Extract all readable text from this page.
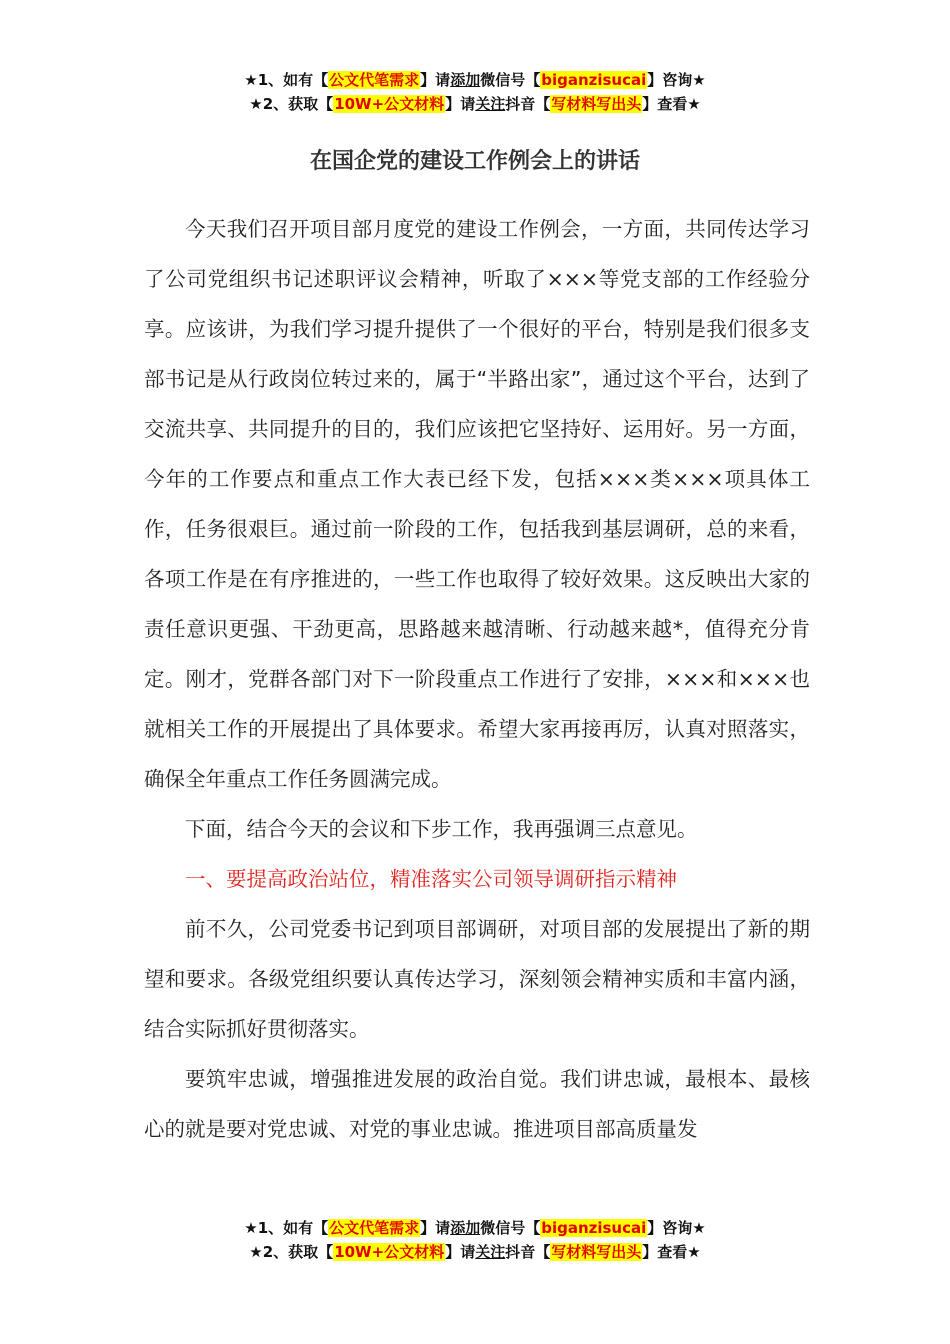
★1、如有【公文代笔需求】请添加微信号【biganzisucai】咨询★
★2、获取【10W+公文材料】请关注抖音【写材料写出头】查看★
在国企党的建设工作例会上的讲话

今天我们召开项目部月度党的建设工作例会，一方面，共同传达学习了公司党组织书记述职评议会精神，听取了×××等党支部的工作经验分享。应该讲，为我们学习提升提供了一个很好的平台，特别是我们很多支部书记是从行政岗位转过来的，属于“半路出家”，通过这个平台，达到了交流共享、共同提升的目的，我们应该把它坚持好、运用好。另一方面，今年的工作要点和重点工作大表已经下发，包括×××类×××项具体工作，任务很艰巨。通过前一阶段的工作，包括我到基层调研，总的来看，各项工作是在有序推进的，一些工作也取得了较好效果。这反映出大家的责任意识更强、干劲更高，思路越来越清晰、行动越来越*，值得充分肯定。刚才，党群各部门对下一阶段重点工作进行了安排，×××和×××也就相关工作的开展提出了具体要求。希望大家再接再厉，认真对照落实，确保全年重点工作任务圆满完成。

下面，结合今天的会议和下步工作，我再强调三点意见。

一、要提高政治站位，精准落实公司领导调研指示精神

前不久，公司党委书记到项目部调研，对项目部的发展提出了新的期望和要求。各级党组织要认真传达学习，深刻领会精神实质和丰富内涵，结合实际抓好贯彻落实。

要筑牢忠诚，增强推进发展的政治自觉。我们讲忠诚，最根本、最核心的就是要对党忠诚、对党的事业忠诚。推进项目部高质量发

★1、如有【公文代笔需求】请添加微信号【biganzisucai】咨询★
★2、获取【10W+公文材料】请关注抖音【写材料写出头】查看★
